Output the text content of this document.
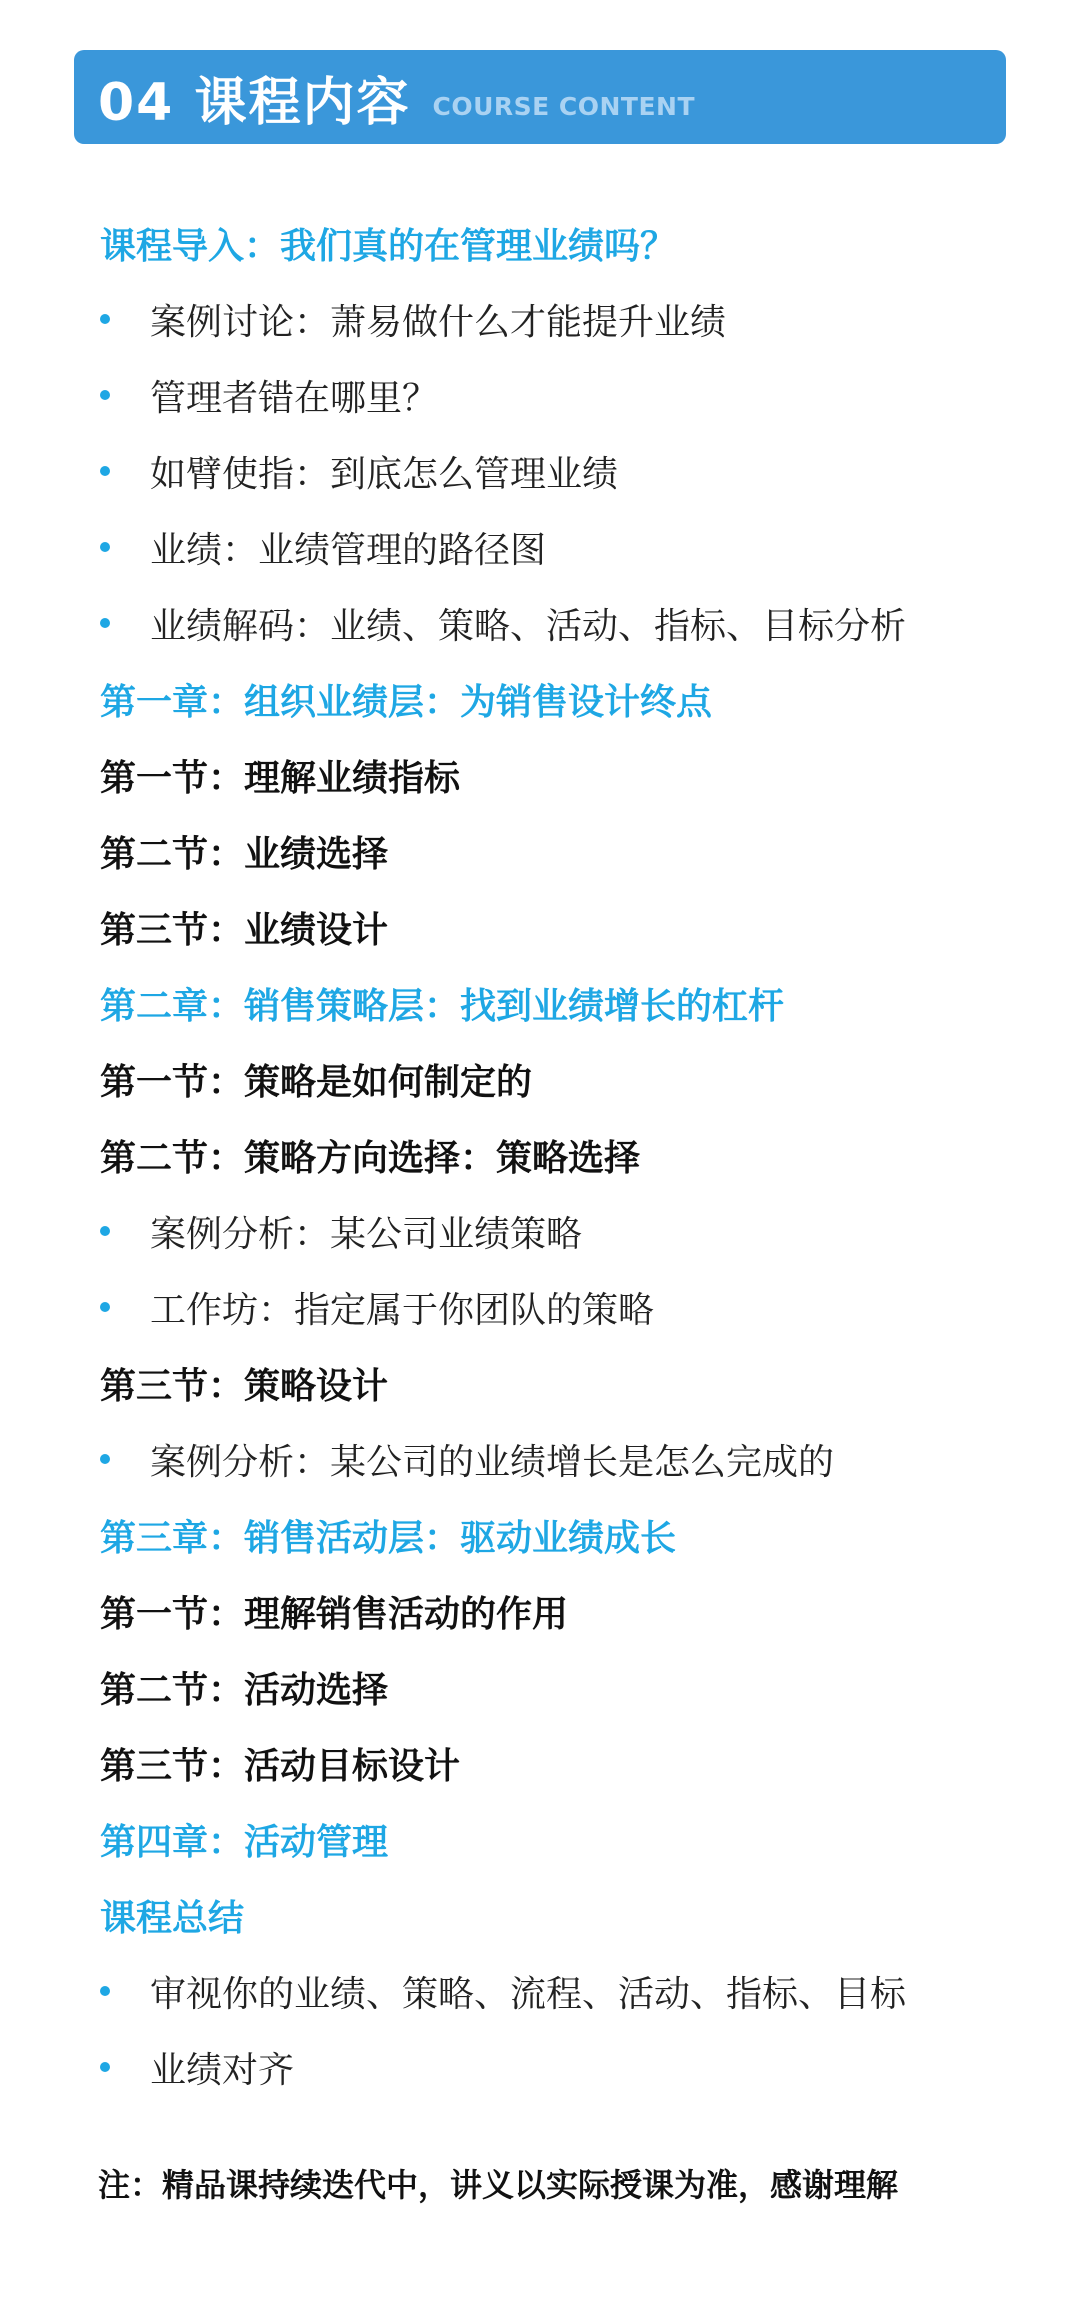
04 课程内容 COURSE CONTENT
课程导入：我们真的在管理业绩吗？
案例讨论：萧易做什么才能提升业绩
管理者错在哪里？
如臂使指：到底怎么管理业绩
业绩：业绩管理的路径图
业绩解码：业绩、策略、活动、指标、目标分析
第一章：组织业绩层：为销售设计终点
第一节：理解业绩指标
第二节：业绩选择
第三节：业绩设计
第二章：销售策略层：找到业绩增长的杠杆
第一节：策略是如何制定的
第二节：策略方向选择：策略选择
案例分析：某公司业绩策略
工作坊：指定属于你团队的策略
第三节：策略设计
案例分析：某公司的业绩增长是怎么完成的
第三章：销售活动层：驱动业绩成长
第一节：理解销售活动的作用
第二节：活动选择
第三节：活动目标设计
第四章：活动管理
课程总结
审视你的业绩、策略、流程、活动、指标、目标
业绩对齐
注：精品课持续迭代中，讲义以实际授课为准，感谢理解
